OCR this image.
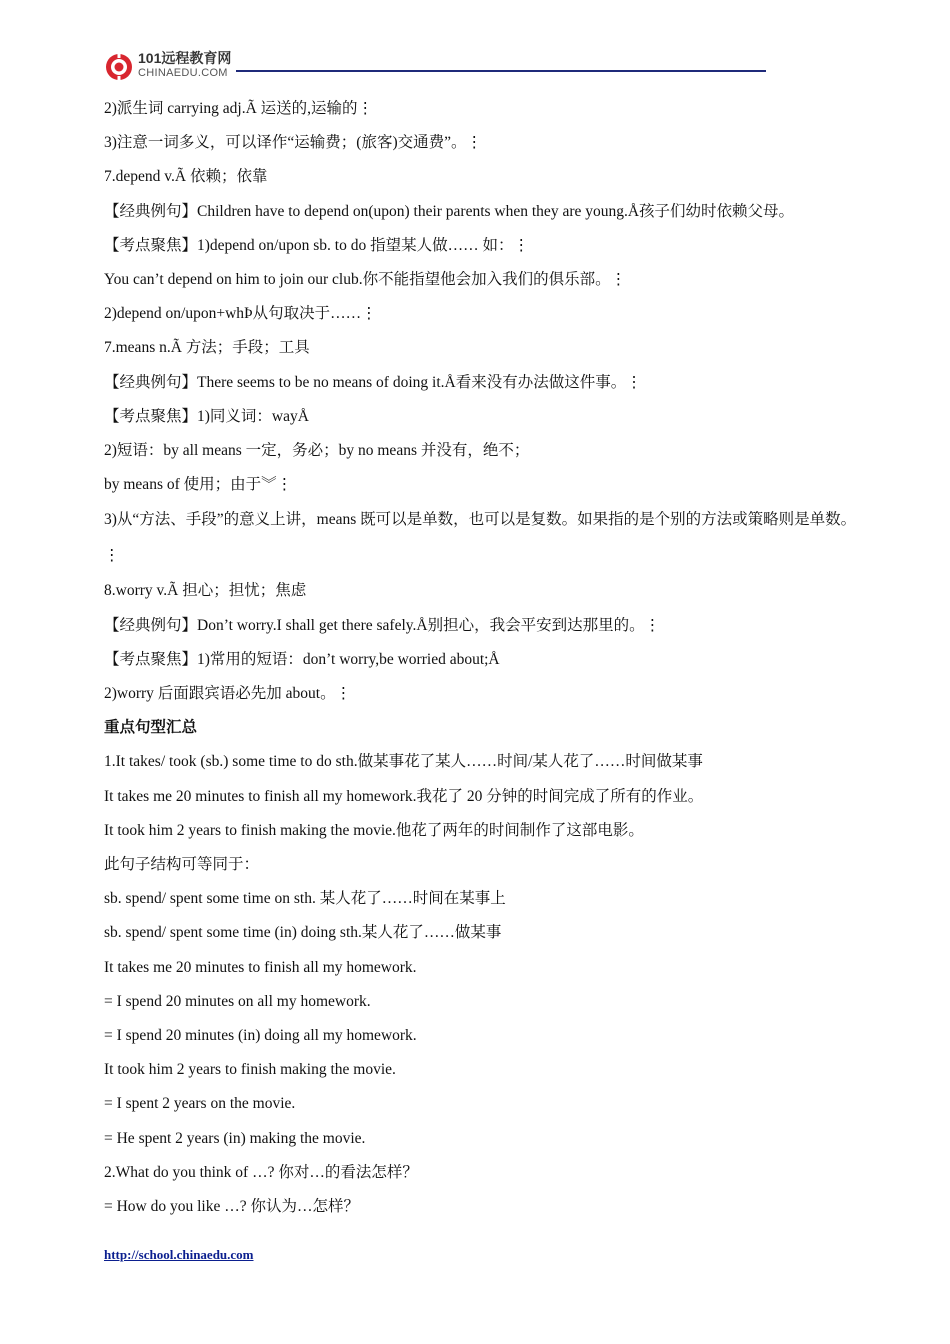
101远程教育网
CHINAEDU.COM
2)派生词 carrying adj.Ã 运送的,运输的⋮
3)注意一词多义，可以译作“运输费；(旅客)交通费”。⋮
7.depend v.Ã 依赖；依靠
【经典例句】Children have to depend on(upon) their parents when they are young.Å孩子们幼时依赖父母。
【考点聚焦】1)depend on/upon sb. to do 指望某人做…… 如：⋮
You can’t depend on him to join our club.你不能指望他会加入我们的俱乐部。⋮
2)depend on/upon+whÞ从句取决于……⋮
7.means n.Ã 方法；手段；工具
【经典例句】There seems to be no means of doing it.Å看来没有办法做这件事。⋮
【考点聚焦】1)同义词：wayÅ
2)短语：by all means 一定，务必；by no means 并没有，绝不；
by means of 使用；由于︾⋮
3)从“方法、手段”的意义上讲，means 既可以是单数，也可以是复数。如果指的是个别的方法或策略则是单数。⋮
8.worry v.Ã 担心；担忧；焦虑
【经典例句】Don’t worry.I shall get there safely.Å别担心，我会平安到达那里的。⋮
【考点聚焦】1)常用的短语：don’t worry,be worried about;Å
2)worry 后面跟宾语必先加 about。⋮
重点句型汇总
1.It takes/ took (sb.) some time to do sth.做某事花了某人……时间/某人花了……时间做某事
It takes me 20 minutes to finish all my homework.我花了 20 分钟的时间完成了所有的作业。
It took him 2 years to finish making the movie.他花了两年的时间制作了这部电影。
此句子结构可等同于：
sb. spend/ spent some time on sth. 某人花了……时间在某事上
sb. spend/ spent some time (in) doing sth.某人花了……做某事
It takes me 20 minutes to finish all my homework.
= I spend 20 minutes on all my homework.
= I spend 20 minutes (in) doing all my homework.
It took him 2 years to finish making the movie.
= I spent 2 years on the movie.
= He spent 2 years (in) making the movie.
2.What do you think of …? 你对…的看法怎样？
= How do you like …? 你认为…怎样？
http://school.chinaedu.com
